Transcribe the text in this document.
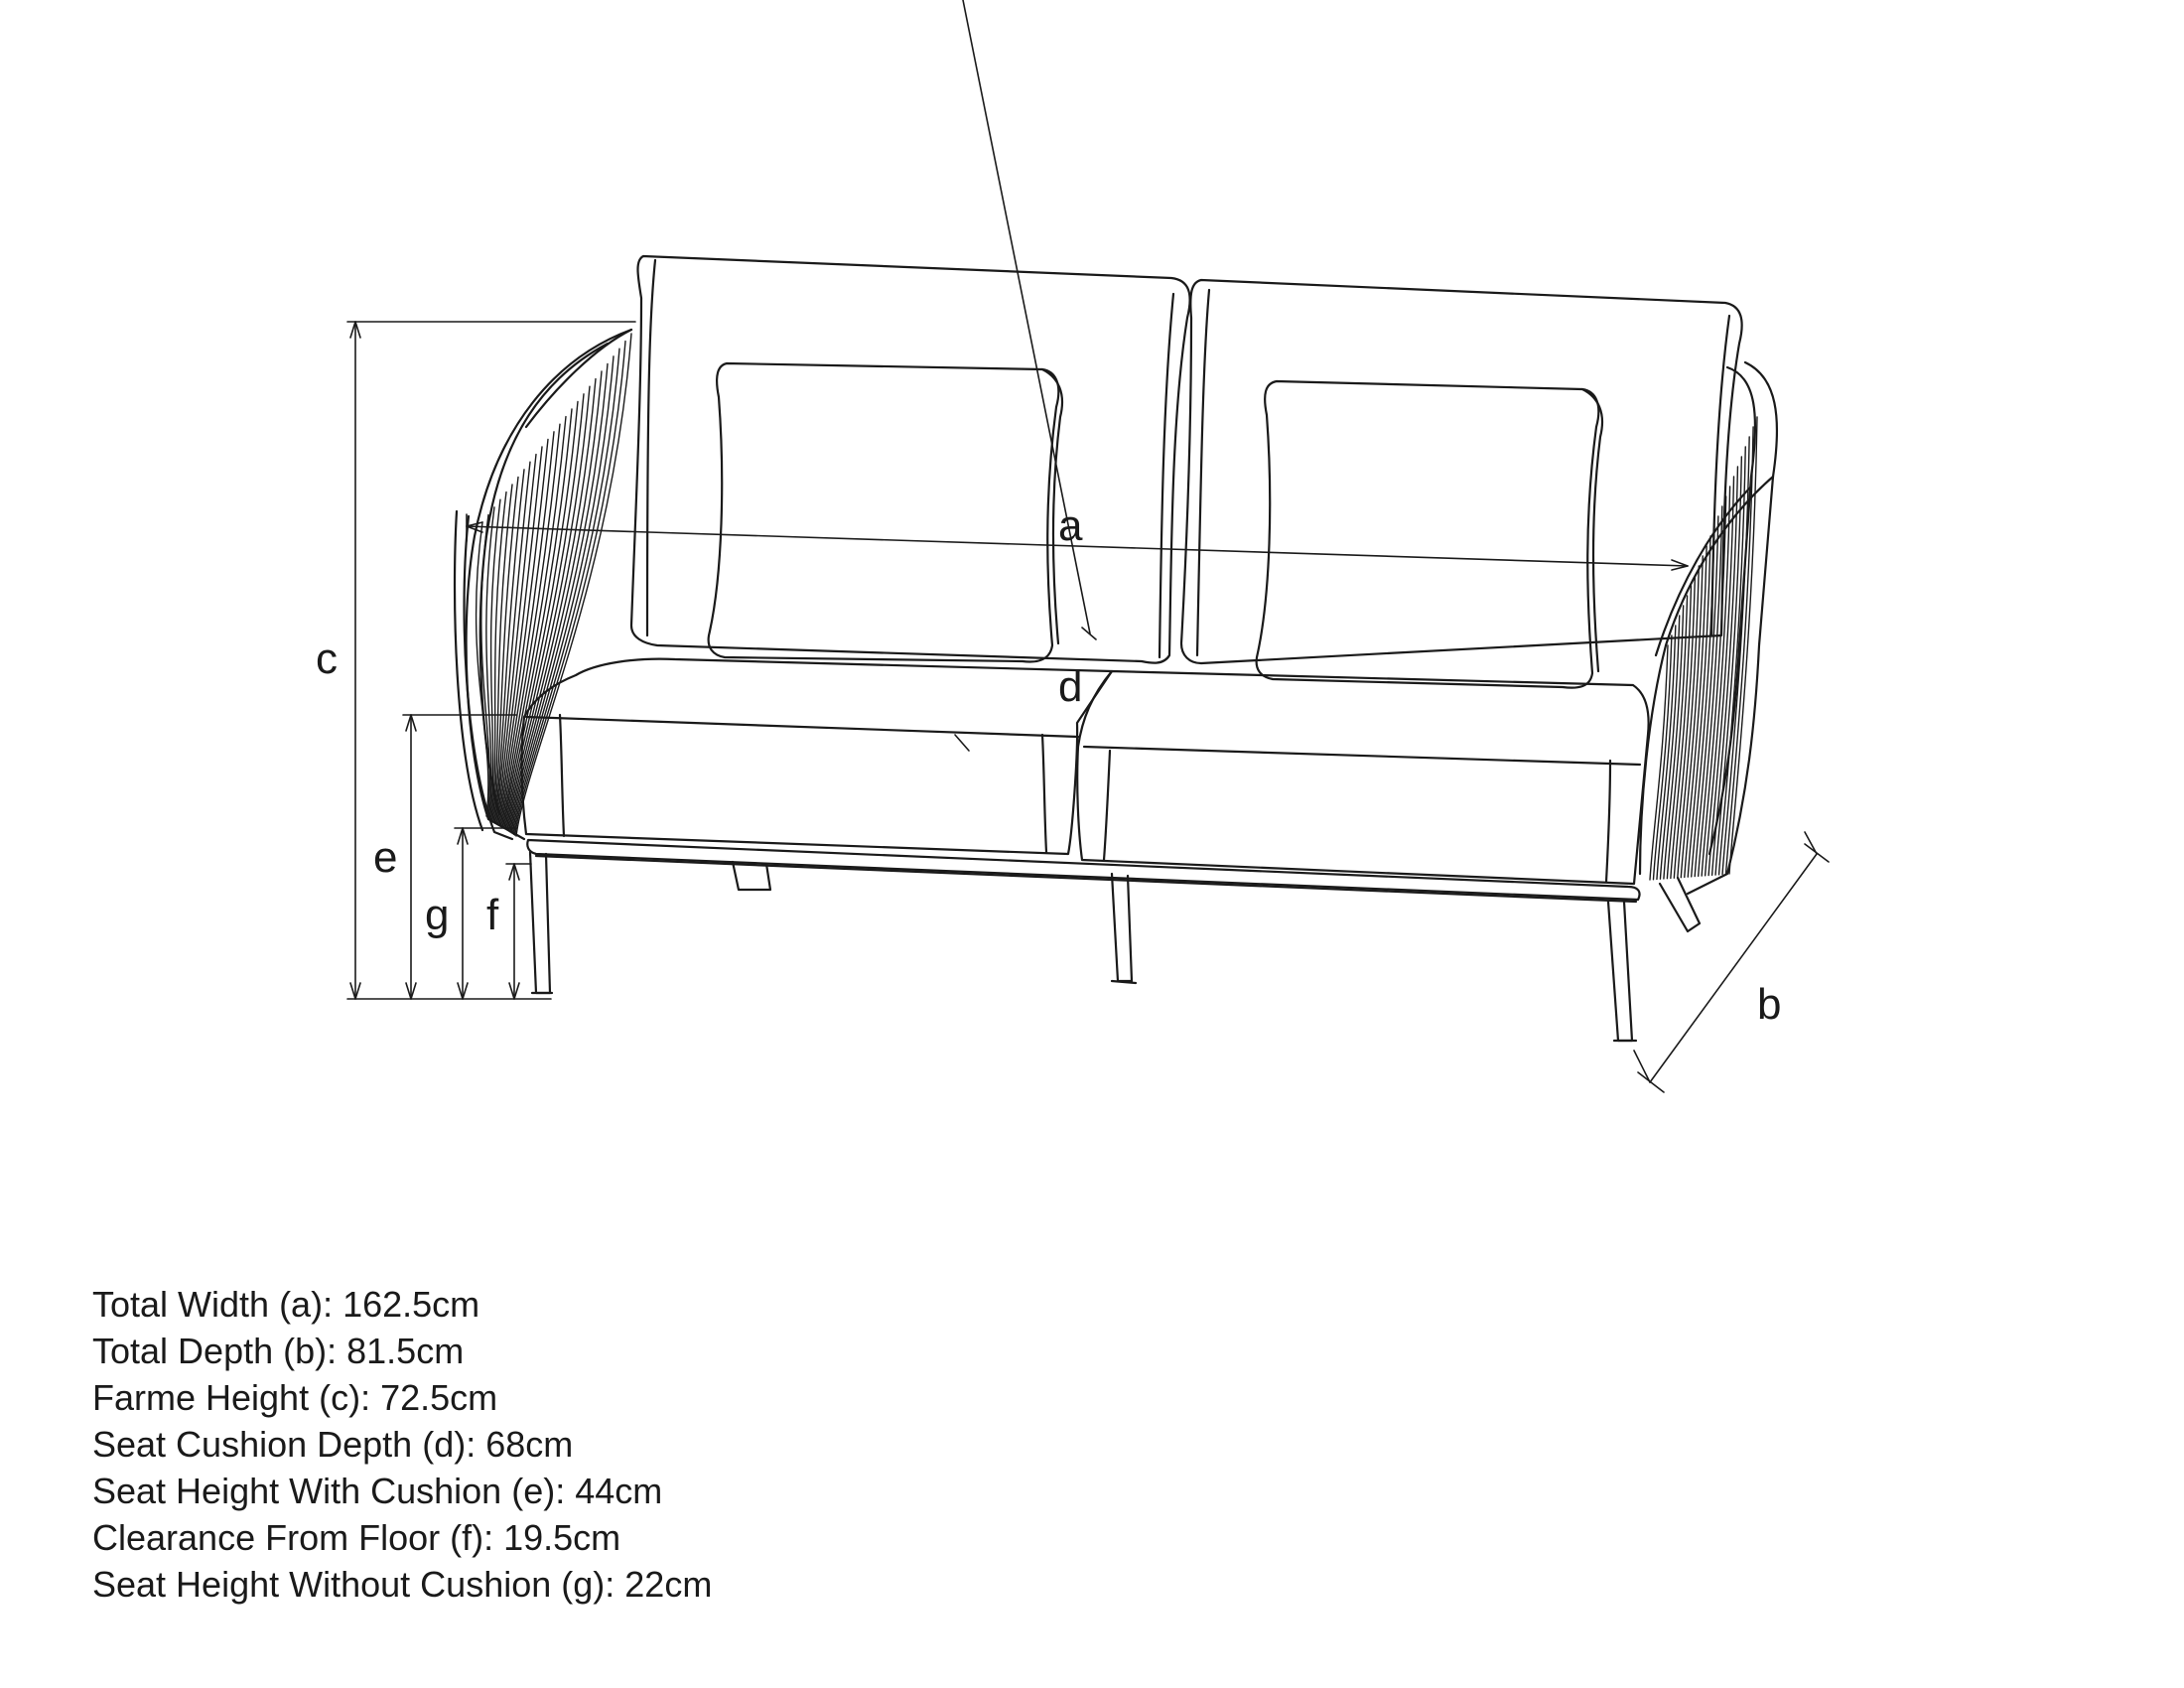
a
b
c
d
e
f
g
Total Width (a): 162.5cm
Total Depth (b): 81.5cm
Farme Height (c): 72.5cm
Seat Cushion Depth (d): 68cm
Seat Height With Cushion (e): 44cm
Clearance From Floor (f): 19.5cm
Seat Height Without Cushion (g): 22cm
